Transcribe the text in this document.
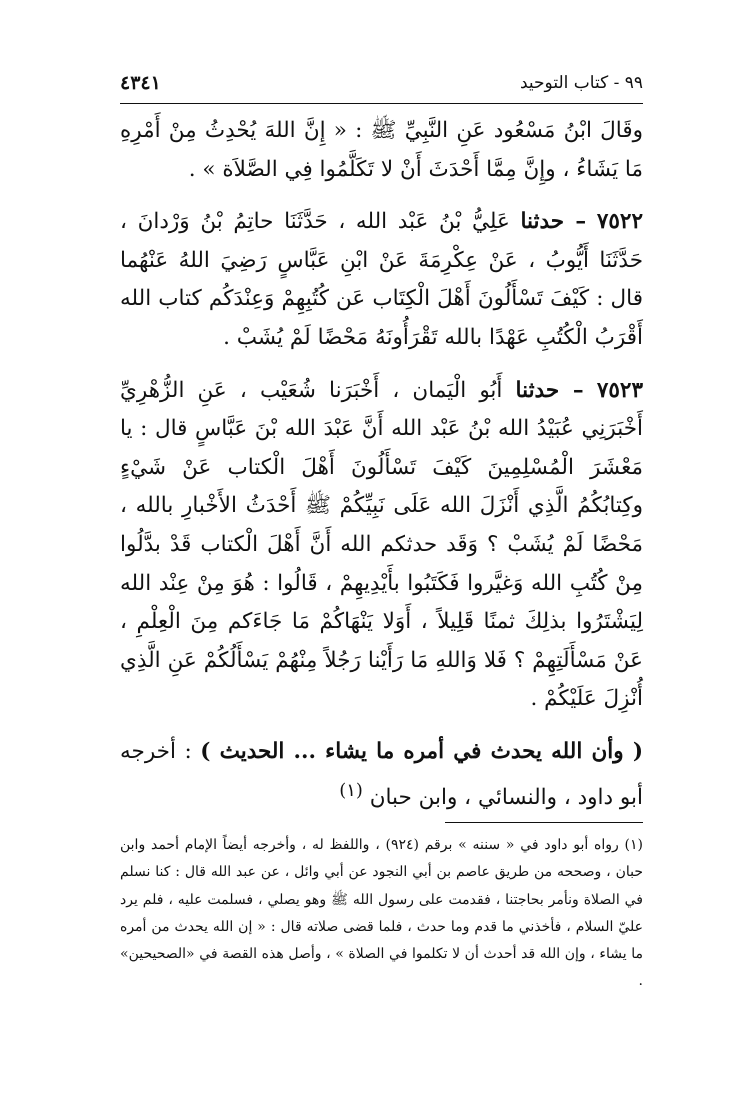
٩٩ - كتاب التوحيد
٤٣٤١

وقَالَ ابْنُ مَسْعُود عَنِ النَّبِيِّ ﷺ : « إِنَّ اللهَ يُحْدِثُ مِنْ أَمْرِهِ مَا يَشَاءُ ، وإِنَّ مِمَّا أَحْدَثَ أَنْ لا تَكَلَّمُوا فِي الصَّلاَة » .

٧٥٢٢ – حدثنا عَلِيُّ بْنُ عَبْد الله ، حَدَّثَنَا حاتِمُ بْنُ وَرْدانَ ، حَدَّثَنَا أَيُّوبُ ، عَنْ عِكْرِمَةَ عَنْ ابْنِ عَبَّاسٍ رَضِيَ اللهُ عَنْهُما قال : كَيْفَ تَسْأَلُونَ أَهْلَ الْكِتَاب عَن كُتُبِهِمْ وَعِنْدَكُم كتاب الله أَقْرَبُ الْكُتُبِ عَهْدًا بالله تَقْرَأُونَهُ مَحْضًا لَمْ يُشَبْ .

٧٥٢٣ – حدثنا أَبُو الْيَمان ، أَخْبَرَنا شُعَيْب ، عَنِ الزُّهْرِيِّ أَخْبَرَنِي عُبَيْدُ الله بْنُ عَبْد الله أَنَّ عَبْدَ الله بْنَ عَبَّاسٍ قال : يا مَعْشَرَ الْمُسْلِمِينَ كَيْفَ تَسْأَلُونَ أَهْلَ الْكتاب عَنْ شَيْءٍ وكِتابُكُمُ الَّذِي أَنْزَلَ الله عَلَى نَبِيِّكُمْ ﷺ أَحْدَثُ الأَخْبارِ بالله ، مَحْضًا لَمْ يُشَبْ ؟ وَقَد حدثكم الله أَنَّ أَهْلَ الْكتاب قَدْ بدَّلُوا مِنْ كُتُبِ الله وَغيَّروا فَكَتَبُوا بأَيْدِيهِمْ ، قَالُوا : هُوَ مِنْ عِنْد الله لِيَشْتَرُوا بذلِكَ ثمنًا قَلِيلاً ، أَوَلا يَنْهَاكُمْ مَا جَاءَكم مِنَ الْعِلْمِ ، عَنْ مَسْأَلَتِهِمْ ؟ فَلا وَاللهِ مَا رَأَيْنا رَجُلاً مِنْهُمْ يَسْأَلُكُمْ عَنِ الَّذِي أُنْزِلَ عَلَيْكُمْ .

( وأن الله يحدث في أمره ما يشاء ... الحديث ) : أخرجه أبو داود ، والنسائي ، وابن حبان $^{(١)}$

(١) رواه أبو داود في « سننه » برقم (٩٢٤) ، واللفظ له ، وأخرجه أيضاً الإمام أحمد وابن حبان ، وصححه من طريق عاصم بن أبي النجود عن أبي وائل ، عن عبد الله قال : كنا نسلم في الصلاة ونأمر بحاجتنا ، فقدمت على رسول الله ﷺ وهو يصلي ، فسلمت عليه ، فلم يرد عليّ السلام ، فأخذني ما قدم وما حدث ، فلما قضى صلاته قال : « إن الله يحدث من أمره ما يشاء ، وإن الله قد أحدث أن لا تكلموا في الصلاة » ، وأصل هذه القصة في «الصحيحين» .
